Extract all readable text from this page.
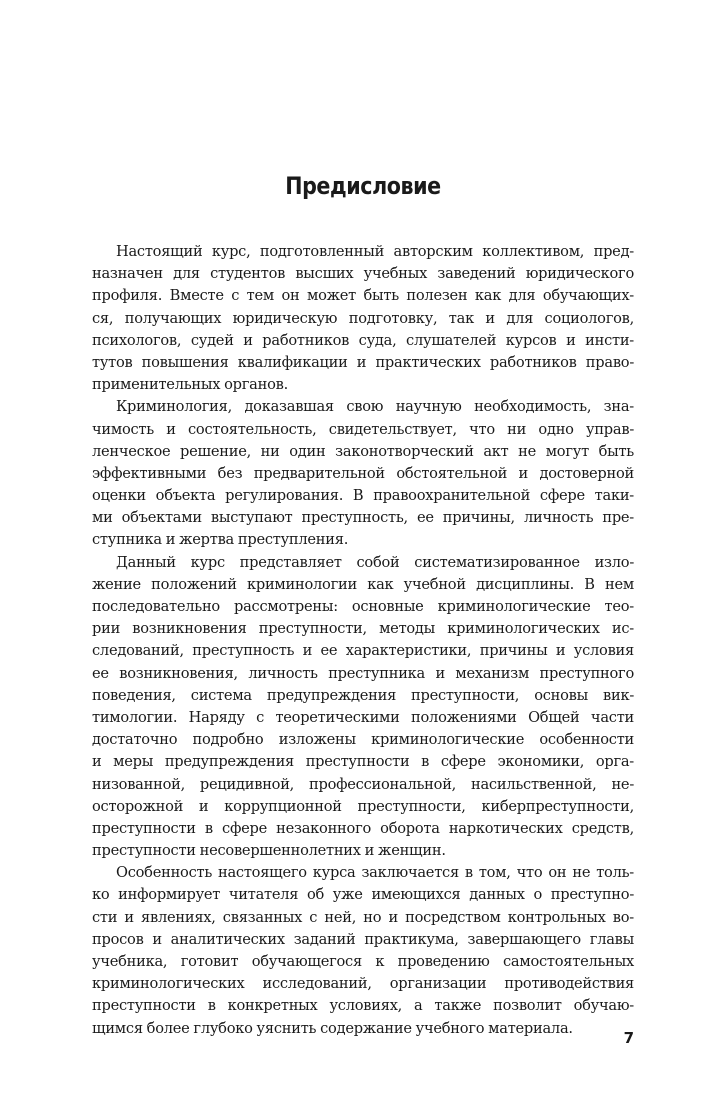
Предисловие
Настоящий курс, подготовленный авторским коллективом, пред-
назначен для студентов высших учебных заведений юридического
профиля. Вместе с тем он может быть полезен как для обучающих-
ся, получающих юридическую подготовку, так и для социологов,
психологов, судей и работников суда, слушателей курсов и инсти-
тутов повышения квалификации и практических работников право-
применительных органов.
Криминология, доказавшая свою научную необходимость, зна-
чимость и состоятельность, свидетельствует, что ни одно управ-
ленческое решение, ни один законотворческий акт не могут быть
эффективными без предварительной обстоятельной и достоверной
оценки объекта регулирования. В правоохранительной сфере таки-
ми объектами выступают преступность, ее причины, личность пре-
ступника и жертва преступления.
Данный курс представляет собой систематизированное изло-
жение положений криминологии как учебной дисциплины. В нем
последовательно рассмотрены: основные криминологические тео-
рии возникновения преступности, методы криминологических ис-
следований, преступность и ее характеристики, причины и условия
ее возникновения, личность преступника и механизм преступного
поведения, система предупреждения преступности, основы вик-
тимологии. Наряду с теоретическими положениями Общей части
достаточно подробно изложены криминологические особенности
и меры предупреждения преступности в сфере экономики, орга-
низованной, рецидивной, профессиональной, насильственной, не-
осторожной и коррупционной преступности, киберпреступности,
преступности в сфере незаконного оборота наркотических средств,
преступности несовершеннолетних и женщин.
Особенность настоящего курса заключается в том, что он не толь-
ко информирует читателя об уже имеющихся данных о преступно-
сти и явлениях, связанных с ней, но и посредством контрольных во-
просов и аналитических заданий практикума, завершающего главы
учебника, готовит обучающегося к проведению самостоятельных
криминологических исследований, организации противодействия
преступности в конкретных условиях, а также позволит обучаю-
щимся более глубоко уяснить содержание учебного материала.
7
